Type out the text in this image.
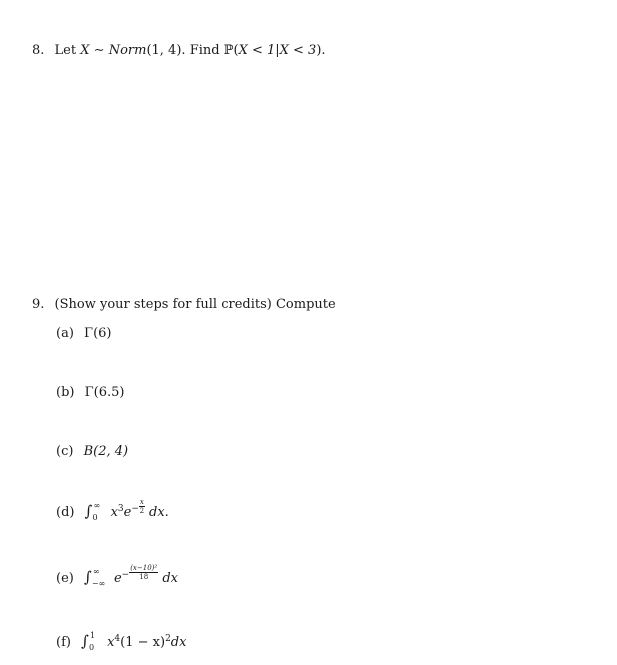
8. Let X ∼ Norm(1, 4). Find ℙ(X < 1|X < 3).
9. (Show your steps for full credits) Compute
(a) Γ(6)
(b) Γ(6.5)
(c) B(2, 4)
(d) ∫ ∞
0 $x^3e^- \frac{x}{2}$ dx.
(e) ∫ ∞
−∞ $e^- \frac{\text{(x−10)²}}{18}$ dx
(f) ∫ 1
0 $x^4(1 - x)^2dx$
